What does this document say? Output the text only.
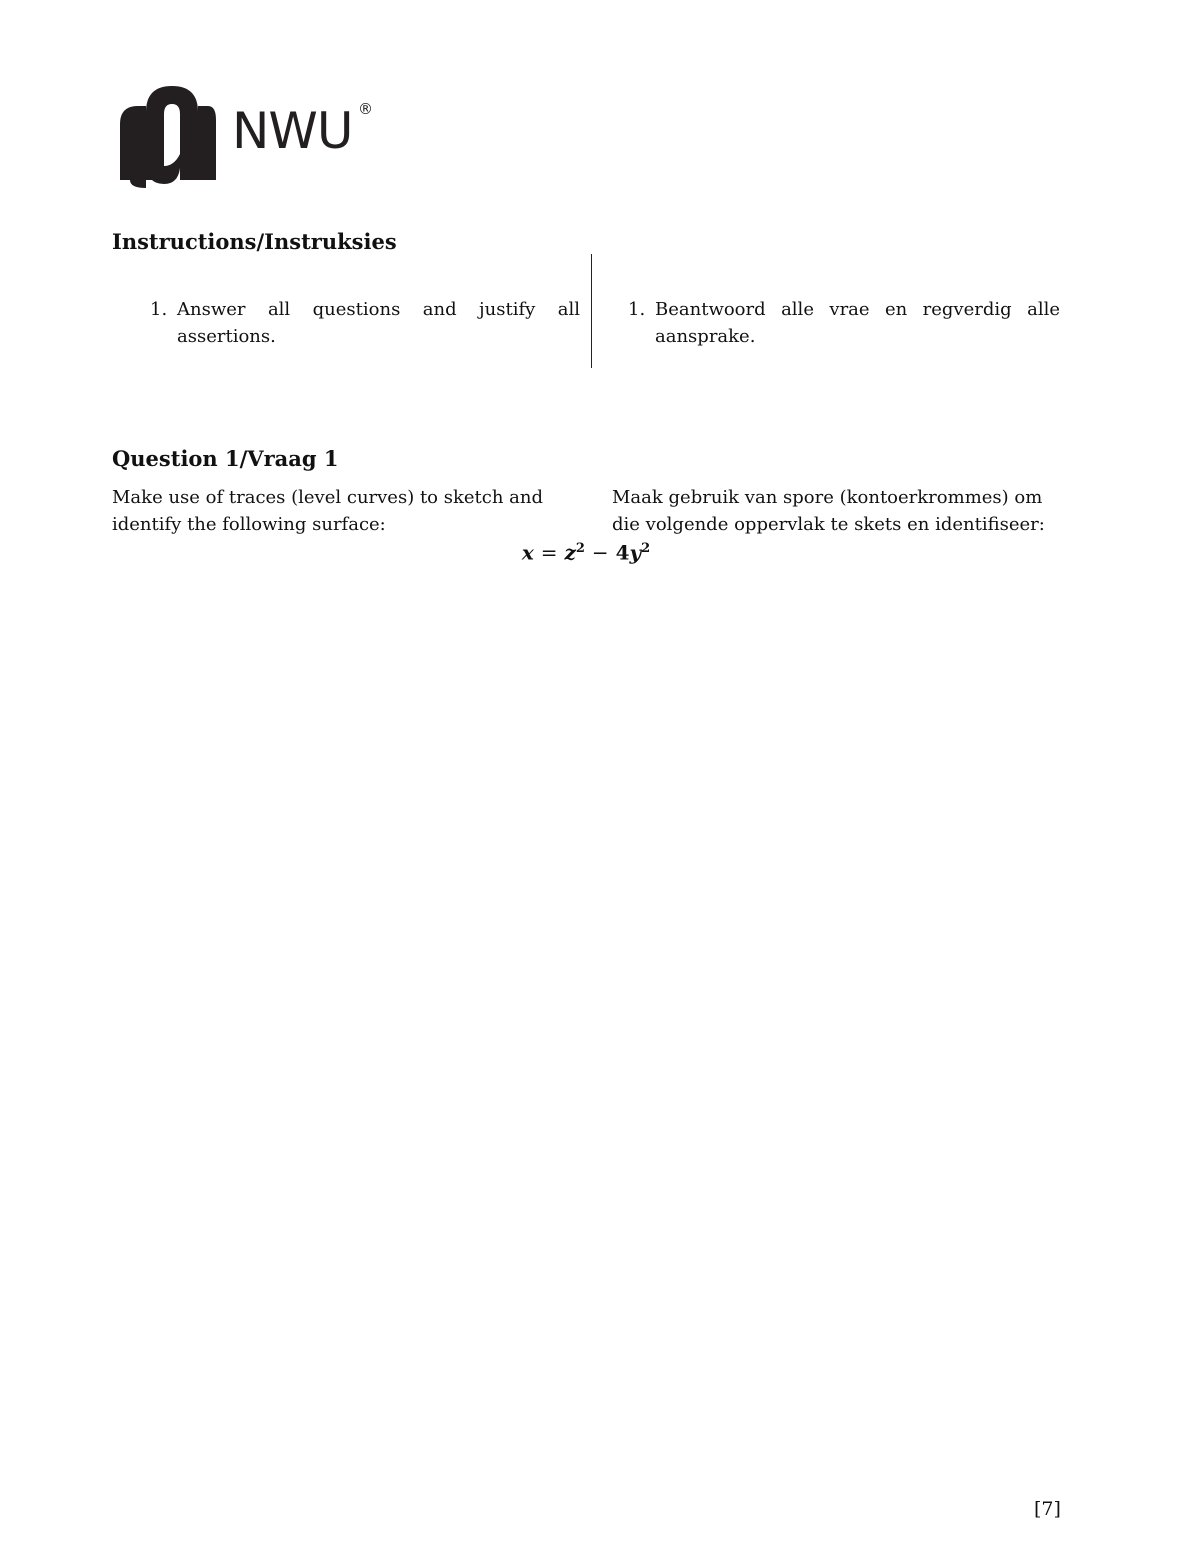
NWU ®
Instructions/Instruksies
1. Answer all questions and justify all assertions.
1. Beantwoord alle vrae en regverdig alle aansprake.
Question 1/Vraag 1
Make use of traces (level curves) to sketch and identify the following surface:
Maak gebruik van spore (kontoerkrommes) om die volgende oppervlak te skets en identifiseer:
$x = z^2 - 4y^2$
[7]
